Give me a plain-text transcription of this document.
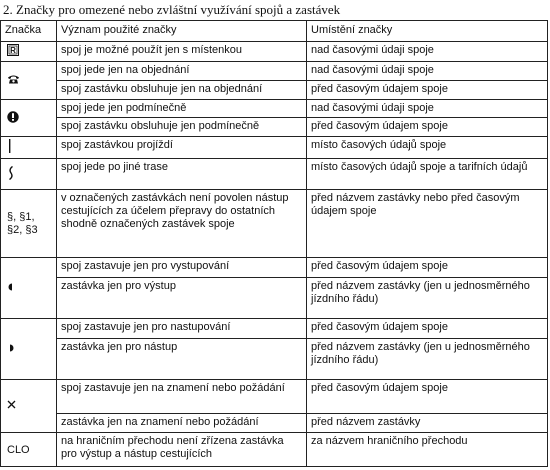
2. Značky pro omezené nebo zvláštní využívání spojů a zastávek
Značka	Význam použité značky	Umístění značky

R	spoj je možné použít jen s místenkou	nad časovými údaji spoje
	spoj jede jen na objednání	nad časovými údaji spoje
	spoj zastávku obsluhuje jen na objednání	před časovým údajem spoje
	spoj jede jen podmínečně	nad časovými údaji spoje
	spoj zastávku obsluhuje jen podmínečně	před časovým údajem spoje
	spoj zastávkou projíždí	místo časových údajů spoje
	spoj jede po jiné trase	místo časových údajů spoje a tarifních údajů
§, §1, §2, §3	v označených zastávkách není povolen nástup cestujících za účelem přepravy do ostatních shodně označených zastávek spoje	před názvem zastávky nebo před časovým údajem spoje
	spoj zastavuje jen pro vystupování	před časovým údajem spoje
	zastávka jen pro výstup	před názvem zastávky (jen u jednosměrného jízdního řádu)
	spoj zastavuje jen pro nastupování	před časovým údajem spoje
	zastávka jen pro nástup	před názvem zastávky (jen u jednosměrného jízdního řádu)
	spoj zastavuje jen na znamení nebo požádání	před časovým údajem spoje
	zastávka jen na znamení nebo požádání	před názvem zastávky
CLO	na hraničním přechodu není zřízena zastávka pro výstup a nástup cestujících	za názvem hraničního přechodu
